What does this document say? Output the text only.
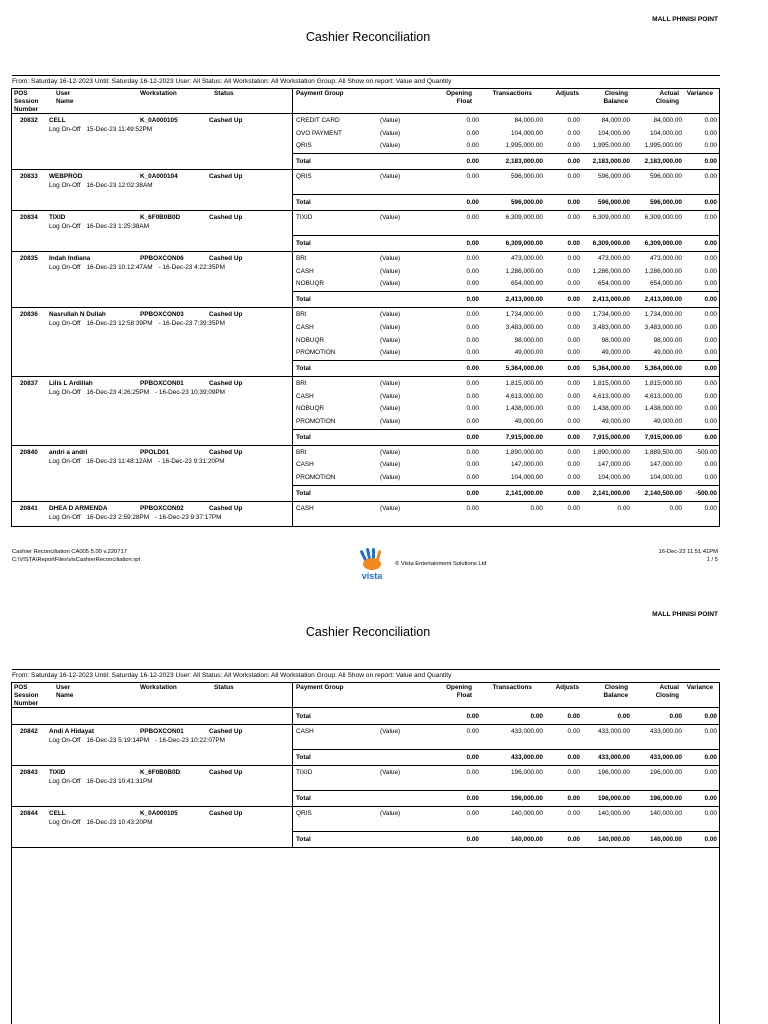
MALL PHINISI POINT
Cashier Reconciliation
From: Saturday 16-12-2023 Until: Saturday 16-12-2023 User: All Status: All Workstation: All Workstation Group: All Show on report: Value and Quantity
POS
Session
Number
User
Name
Workstation	Status	Payment Group	Opening
Float
Transactions	Adjusts	Closing
Balance
Actual
Closing
Variance
20832 CELL	K_0A000105	Cashed Up
Log On-Off 15-Dec-23 11:49:52PM
CREDIT CARD	(Value)	0.00	84,000.00	0.00	84,000.00	84,000.00	0.00
OVO PAYMENT	(Value)	0.00	104,000.00	0.00	104,000.00	104,000.00	0.00
QRIS	(Value)	0.00	1,995,000.00	0.00 1,995,000.00 1,995,000.00	0.00
Total	0.00	2,183,000.00	0.00 2,183,000.00 2,183,000.00	0.00
20833 WEBPROD	K_0A000104	Cashed Up
Log On-Off 16-Dec-23 12:02:38AM
QRIS	(Value)	0.00	596,000.00	0.00	596,000.00	596,000.00	0.00
Total	0.00	596,000.00	0.00	596,000.00	596,000.00	0.00
20834 TIXID	K_6F0B0B0D	Cashed Up
Log On-Off 16-Dec-23 1:25:38AM
TIXID	(Value)	0.00	6,309,000.00	0.00 6,309,000.00 6,309,000.00	0.00
Total	0.00	6,309,000.00	0.00 6,309,000.00 6,309,000.00	0.00
20835 Indah Indiana	PPBOXCON06	Cashed Up
Log On-Off 16-Dec-23 10:12:47AM - 16-Dec-23 4:22:35PM
BRI	(Value)	0.00	473,000.00	0.00	473,000.00	473,000.00	0.00
CASH	(Value)	0.00	1,286,000.00	0.00 1,286,000.00 1,286,000.00	0.00
NOBUQR	(Value)	0.00	654,000.00	0.00	654,000.00	654,000.00	0.00
Total	0.00	2,413,000.00	0.00 2,413,000.00 2,413,000.00	0.00
20836 Nasrullah N Dullah	PPBOXCON03	Cashed Up
Log On-Off 16-Dec-23 12:58:39PM - 16-Dec-23 7:39:35PM
BRI	(Value)	0.00	1,734,000.00	0.00 1,734,000.00 1,734,000.00	0.00
CASH	(Value)	0.00	3,483,000.00	0.00 3,483,000.00 3,483,000.00	0.00
NOBUQR	(Value)	0.00	98,000.00	0.00	98,000.00	98,000.00	0.00
PROMOTION	(Value)	0.00	49,000.00	0.00	49,000.00	49,000.00	0.00
Total	0.00	5,364,000.00	0.00 5,364,000.00 5,364,000.00	0.00
20837 Lilis L Ardillah	PPBOXCON01	Cashed Up
Log On-Off 16-Dec-23 4:26:25PM - 16-Dec-23 10:39:09PM
BRI	(Value)	0.00	1,815,000.00	0.00 1,815,000.00 1,815,000.00	0.00
CASH	(Value)	0.00	4,613,000.00	0.00 4,613,000.00 4,613,000.00	0.00
NOBUQR	(Value)	0.00	1,438,000.00	0.00 1,438,000.00 1,438,000.00	0.00
PROMOTION	(Value)	0.00	49,000.00	0.00	49,000.00	49,000.00	0.00
Total	0.00	7,915,000.00	0.00 7,915,000.00 7,915,000.00	0.00
20840 andri a andri	PPOLD01	Cashed Up
Log On-Off 16-Dec-23 11:48:12AM - 16-Dec-23 9:31:20PM
BRI	(Value)	0.00	1,890,000.00	0.00 1,890,000.00 1,889,500.00 -500.00
CASH	(Value)	0.00	147,000.00	0.00	147,000.00	147,000.00	0.00
PROMOTION	(Value)	0.00	104,000.00	0.00	104,000.00	104,000.00	0.00
Total	0.00	2,141,000.00	0.00 2,141,000.00 2,140,500.00 -500.00
20841 DHEA D ARMENDA	PPBOXCON02	Cashed Up
Log On-Off 16-Dec-23 2:59:28PM - 16-Dec-23 9:37:17PM
CASH	(Value)	0.00	0.00	0.00	0.00	0.00	0.00
Cashier Reconciliation CA005 5.00 v.220717
C:\VISTA\ReportFiles\visCashierReconciliation.rpt
vista
© Vista Entertainment Solutions Ltd
16-Dec-23 11:51:41PM
1 / 5
MALL PHINISI POINT
Cashier Reconciliation
From: Saturday 16-12-2023 Until: Saturday 16-12-2023 User: All Status: All Workstation: All Workstation Group: All Show on report: Value and Quantity
POS
Session
Number
User
Name
Workstation	Status	Payment Group	Opening
Float
Transactions	Adjusts	Closing
Balance
Actual
Closing
Variance
Total	0.00	0.00	0.00	0.00	0.00	0.00
20842 Andi A Hidayat	PPBOXCON01	Cashed Up
Log On-Off 16-Dec-23 5:19:14PM - 16-Dec-23 10:22:07PM
CASH	(Value)	0.00	433,000.00	0.00	433,000.00	433,000.00	0.00
Total	0.00	433,000.00	0.00	433,000.00	433,000.00	0.00
20843 TIXID	K_6F0B0B0D	Cashed Up
Log On-Off 16-Dec-23 10:41:31PM
TIXID	(Value)	0.00	196,000.00	0.00	196,000.00	196,000.00	0.00
Total	0.00	196,000.00	0.00	196,000.00	196,000.00	0.00
20844 CELL	K_0A000105	Cashed Up
Log On-Off 16-Dec-23 10:43:20PM
QRIS	(Value)	0.00	140,000.00	0.00	140,000.00	140,000.00	0.00
Total	0.00	140,000.00	0.00	140,000.00	140,000.00	0.00
